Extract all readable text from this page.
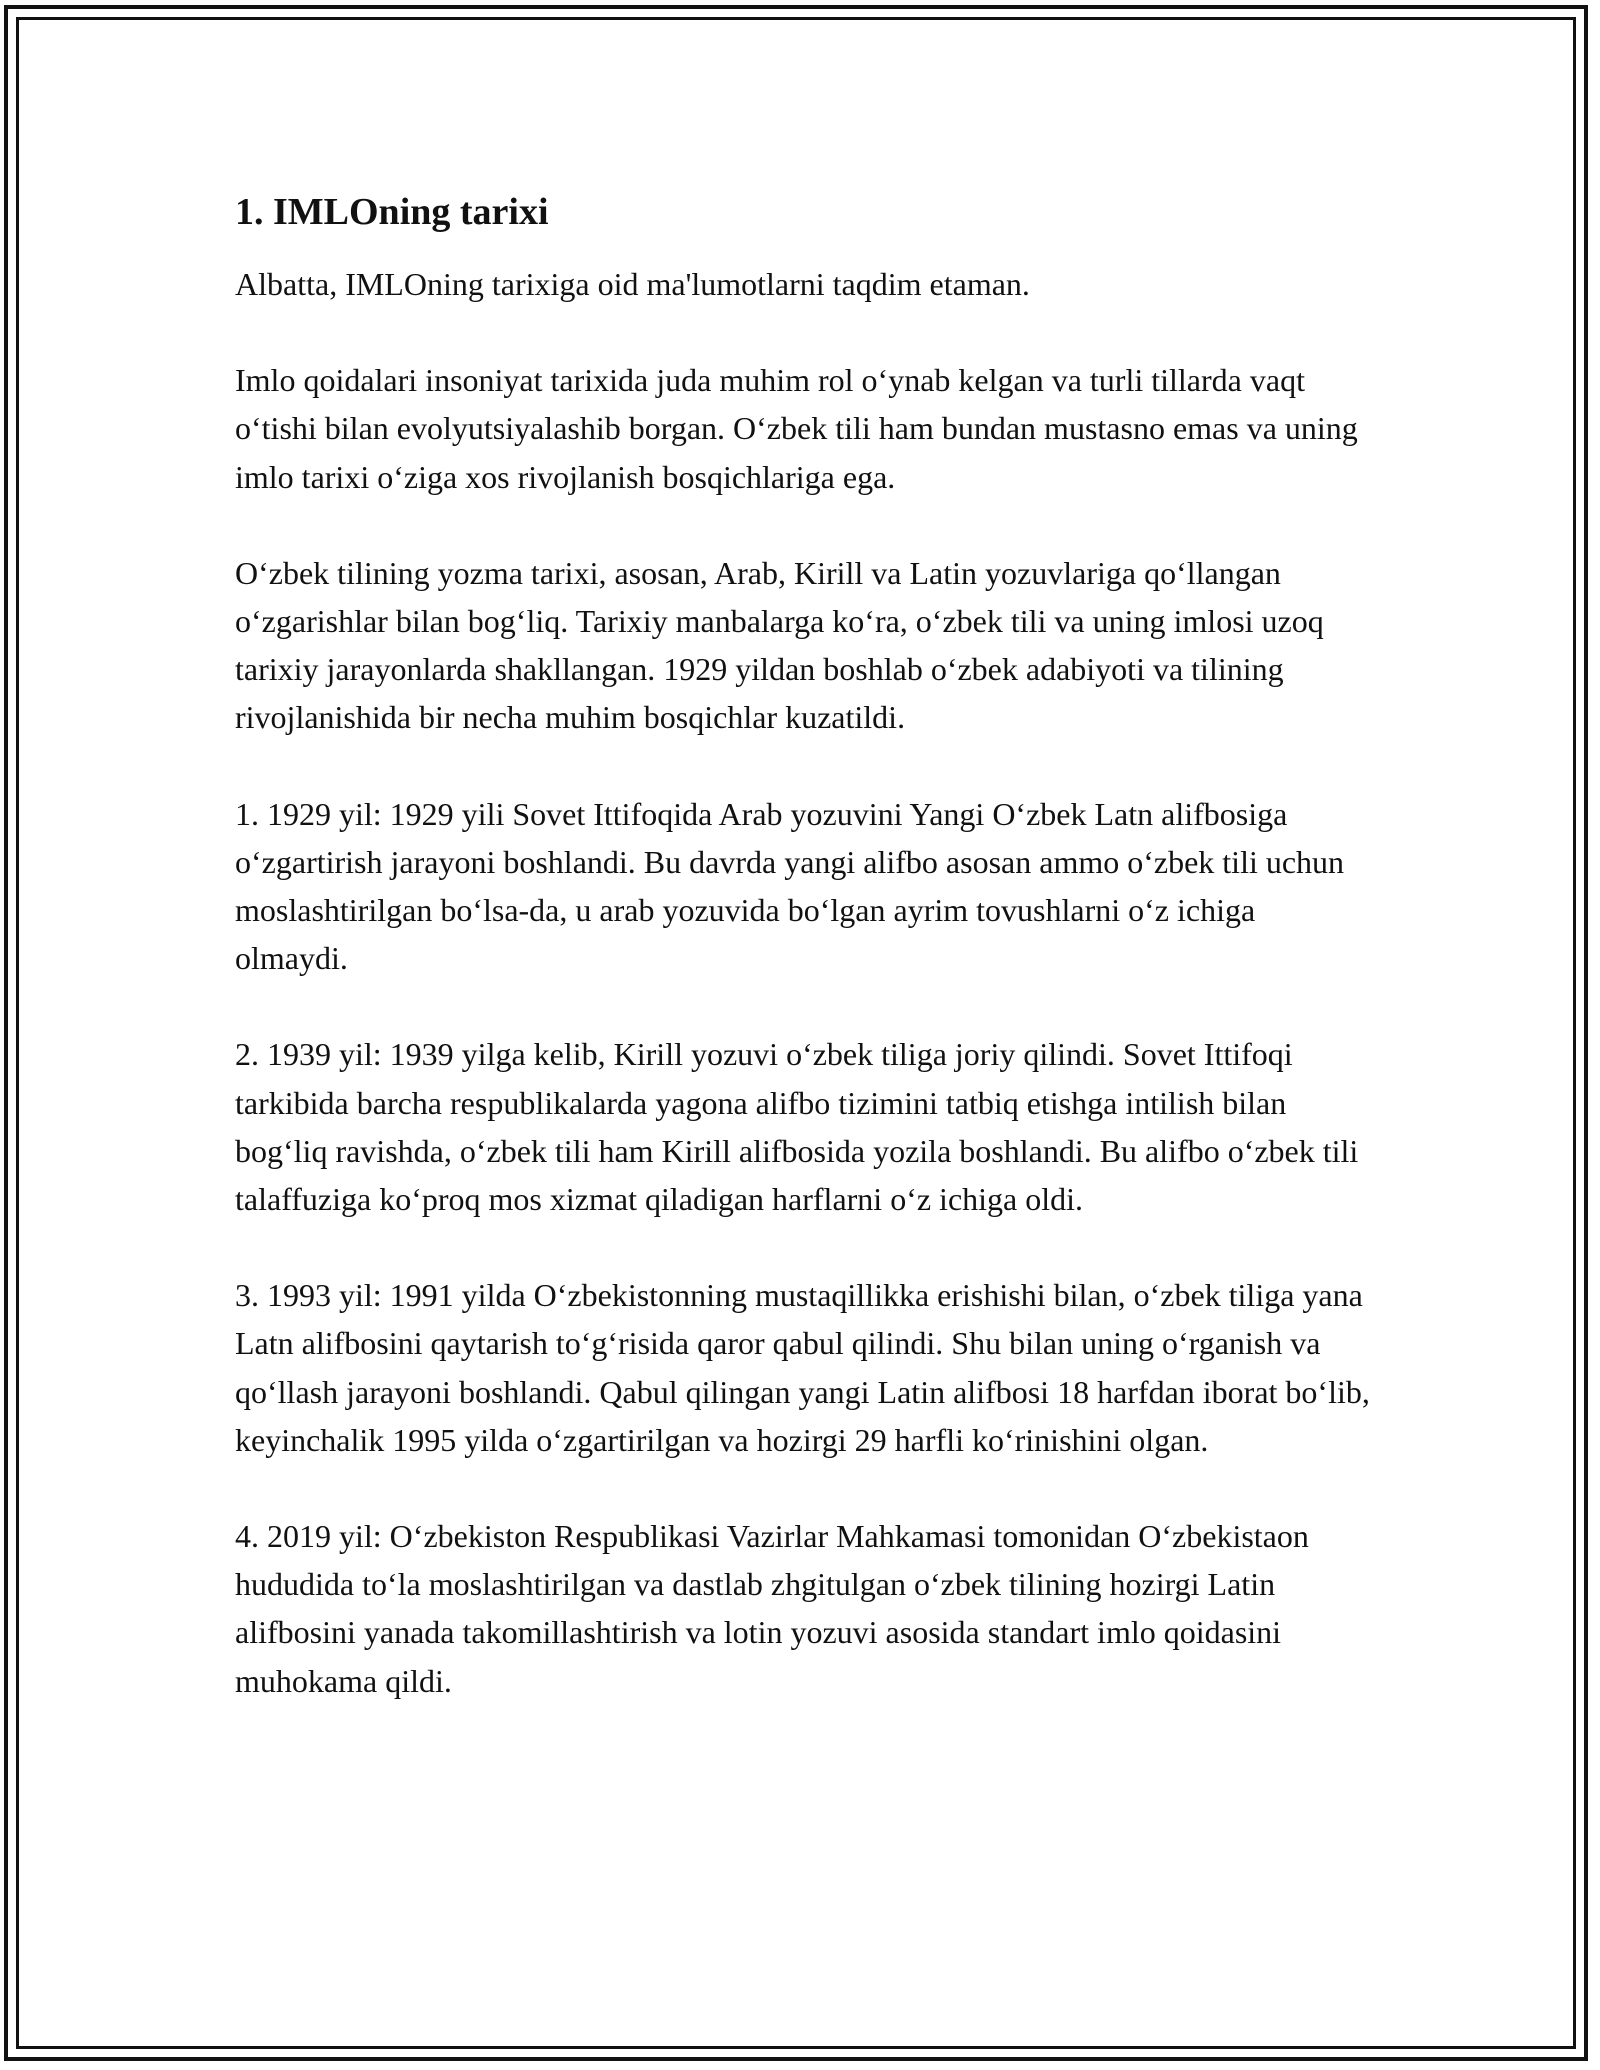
1. IMLOning tarixi

Albatta, IMLOning tarixiga oid ma'lumotlarni taqdim etaman.

Imlo qoidalari insoniyat tarixida juda muhim rol oʻynab kelgan va turli tillarda vaqt oʻtishi bilan evolyutsiyalashib borgan. Oʻzbek tili ham bundan mustasno emas va uning imlo tarixi oʻziga xos rivojlanish bosqichlariga ega.

Oʻzbek tilining yozma tarixi, asosan, Arab, Kirill va Latin yozuvlariga qoʻllangan oʻzgarishlar bilan bogʻliq. Tarixiy manbalarga koʻra, oʻzbek tili va uning imlosi uzoq tarixiy jarayonlarda shakllangan. 1929 yildan boshlab oʻzbek adabiyoti va tilining rivojlanishida bir necha muhim bosqichlar kuzatildi.

1. 1929 yil: 1929 yili Sovet Ittifoqida Arab yozuvini Yangi Oʻzbek Latn alifbosiga oʻzgartirish jarayoni boshlandi. Bu davrda yangi alifbo asosan ammo oʻzbek tili uchun moslashtirilgan boʻlsa-da, u arab yozuvida boʻlgan ayrim tovushlarni oʻz ichiga olmaydi.

2. 1939 yil: 1939 yilga kelib, Kirill yozuvi oʻzbek tiliga joriy qilindi. Sovet Ittifoqi tarkibida barcha respublikalarda yagona alifbo tizimini tatbiq etishga intilish bilan bogʻliq ravishda, oʻzbek tili ham Kirill alifbosida yozila boshlandi. Bu alifbo oʻzbek tili talaffuziga koʻproq mos xizmat qiladigan harflarni oʻz ichiga oldi.

3. 1993 yil: 1991 yilda Oʻzbekistonning mustaqillikka erishishi bilan, oʻzbek tiliga yana Latn alifbosini qaytarish toʻgʻrisida qaror qabul qilindi. Shu bilan uning oʻrganish va qoʻllash jarayoni boshlandi. Qabul qilingan yangi Latin alifbosi 18 harfdan iborat boʻlib, keyinchalik 1995 yilda oʻzgartirilgan va hozirgi 29 harfli koʻrinishini olgan.

4. 2019 yil: Oʻzbekiston Respublikasi Vazirlar Mahkamasi tomonidan Oʻzbekistaon hududida toʻla moslashtirilgan va dastlab zhgitulgan oʻzbek tilining hozirgi Latin alifbosini yanada takomillashtirish va lotin yozuvi asosida standart imlo qoidasini muhokama qildi.
